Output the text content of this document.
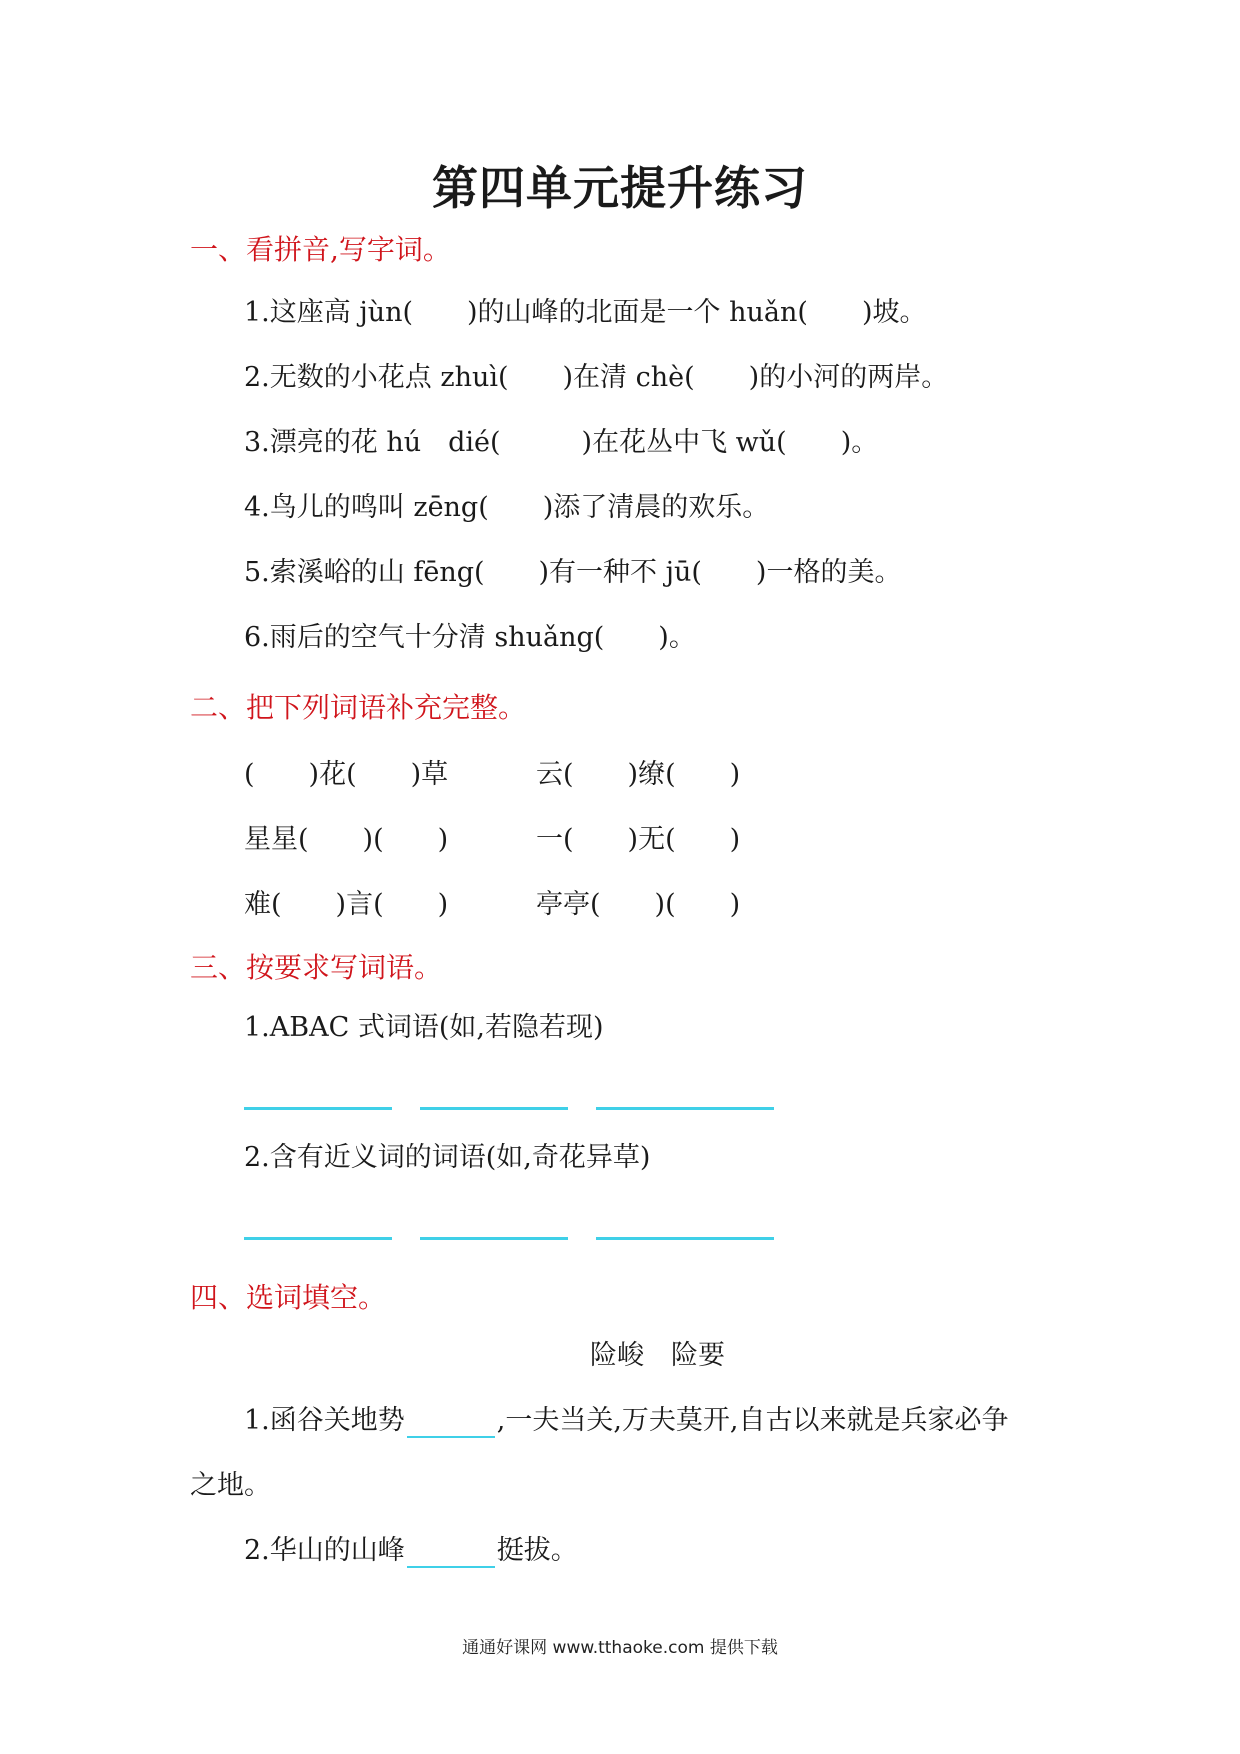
第四单元提升练习
一、看拼音,写字词。
1.这座高 jùn(　　)的山峰的北面是一个 huǎn(　　)坡。
2.无数的小花点 zhuì(　　)在清 chè(　　)的小河的两岸。
3.漂亮的花 hú　dié(　　　)在花丛中飞 wǔ(　　)。
4.鸟儿的鸣叫 zēng(　　)添了清晨的欢乐。
5.索溪峪的山 fēng(　　)有一种不 jū(　　)一格的美。
6.雨后的空气十分清 shuǎng(　　)。
二、把下列词语补充完整。
(　　)花(　　)草	云(　　)缭(　　)
星星(　　)(　　)	一(　　)无(　　)
难(　　)言(　　)	亭亭(　　)(　　)
三、按要求写词语。
1.ABAC 式词语(如,若隐若现)
2.含有近义词的词语(如,奇花异草)
四、选词填空。
险峻　险要
1.函谷关地势	,一夫当关,万夫莫开,自古以来就是兵家必争
之地。
2.华山的山峰	挺拔。
通通好课网 www.tthaoke.com 提供下载
